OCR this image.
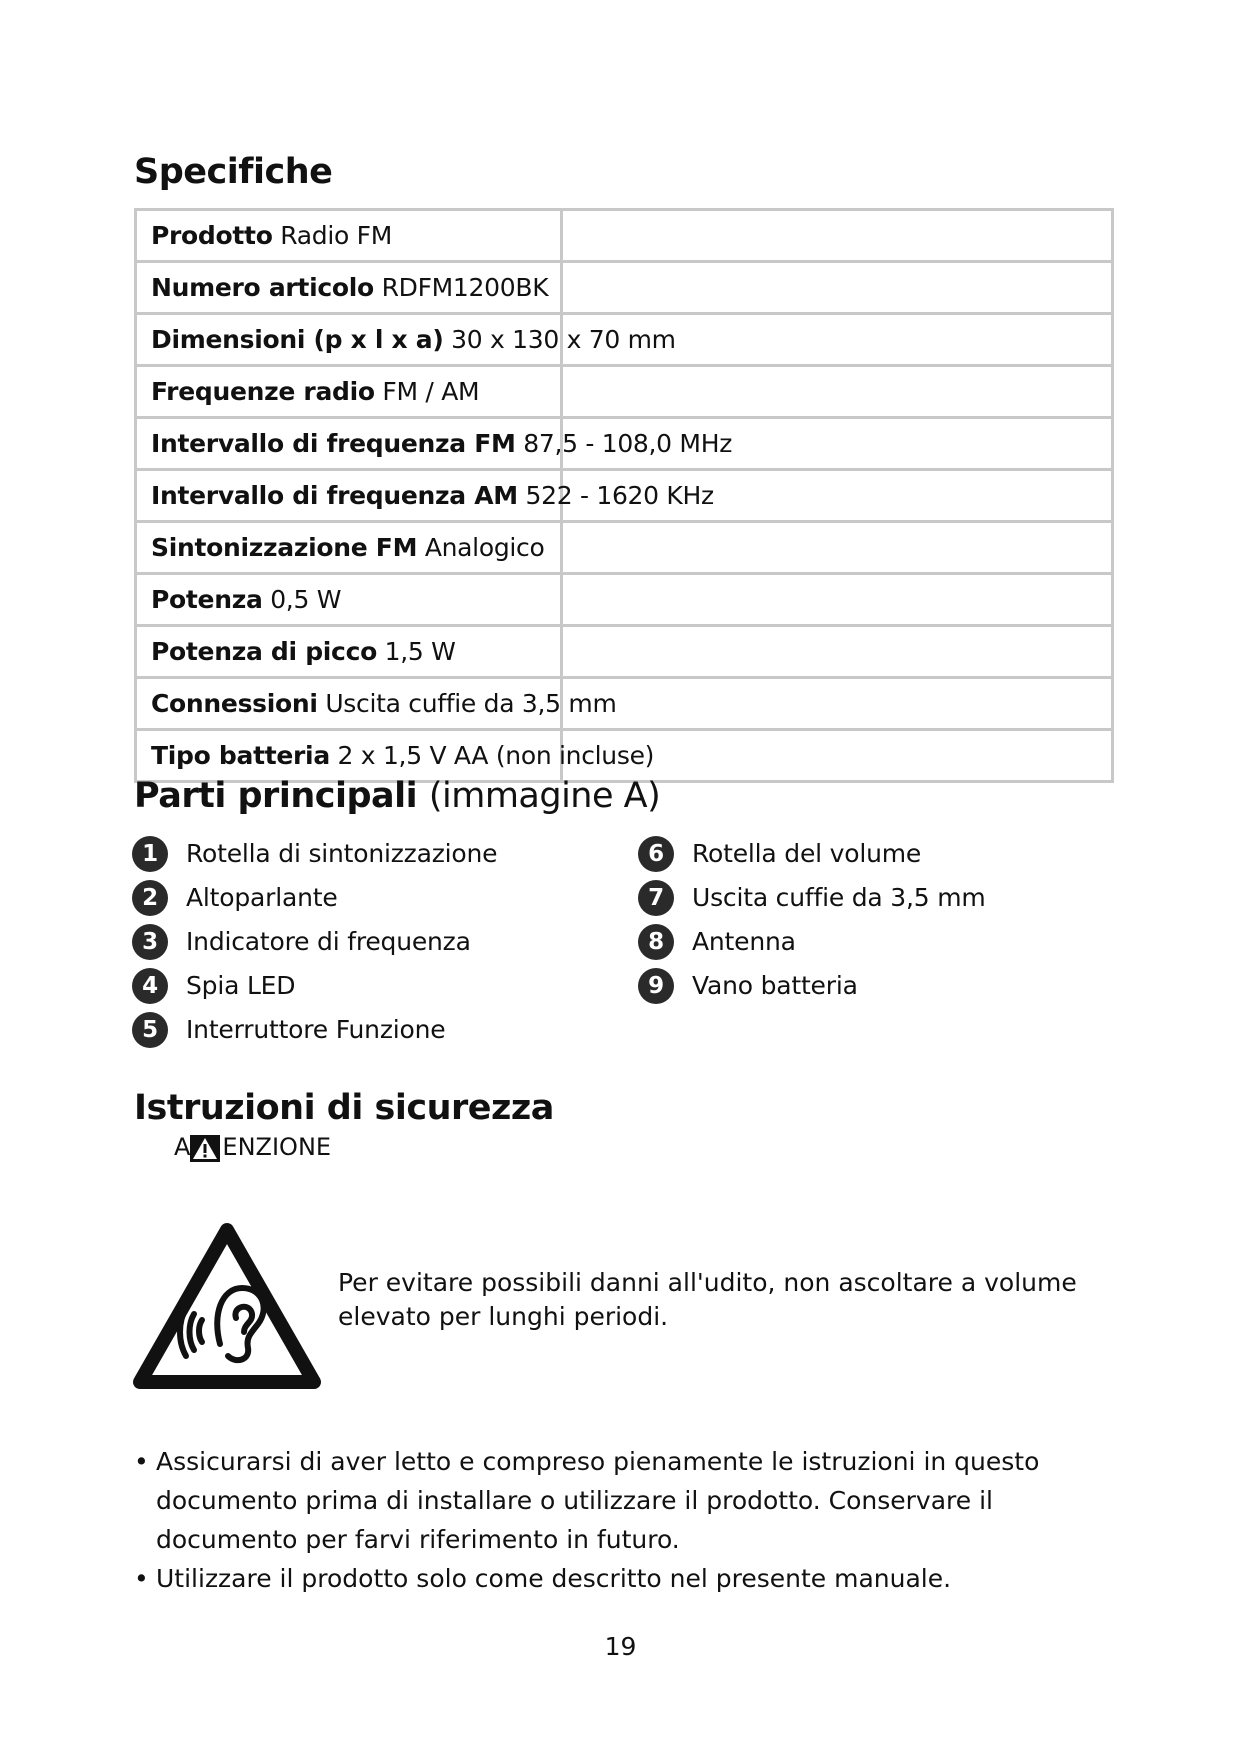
Specifiche
Prodotto Radio FM
Numero articolo RDFM1200BK
Dimensioni (p x l x a) 30 x 130 x 70 mm
Frequenze radio FM / AM
Intervallo di frequenza FM 87,5 - 108,0 MHz
Intervallo di frequenza AM 522 - 1620 KHz
Sintonizzazione FM Analogico
Potenza 0,5 W
Potenza di picco 1,5 W
Connessioni Uscita cuffie da 3,5 mm
Tipo batteria 2 x 1,5 V AA (non incluse)
Parti principali (immagine A)
1	Rotella di sintonizzazione
2	Altoparlante
3	Indicatore di frequenza
4	Spia LED
5	Interruttore Funzione
6	Rotella del volume
7	Uscita cuffie da 3,5 mm
8	Antenna
9	Vano batteria
Istruzioni di sicurezza
A ENZIONE
Per evitare possibili danni all'udito, non ascoltare a volume elevato per lunghi periodi.
• Assicurarsi di aver letto e compreso pienamente le istruzioni in questo documento prima di installare o utilizzare il prodotto. Conservare il documento per farvi riferimento in futuro.
• Utilizzare il prodotto solo come descritto nel presente manuale.
19
